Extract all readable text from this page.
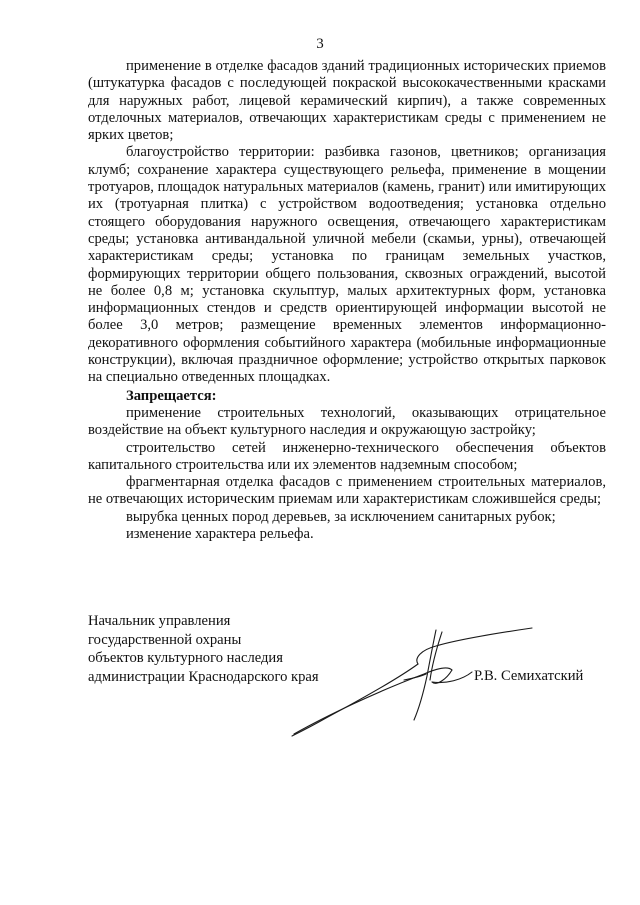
3

применение в отделке фасадов зданий традиционных исторических приемов (штукатурка фасадов с последующей покраской высококачественными красками для наружных работ, лицевой керамический кирпич), а также современных отделочных материалов, отвечающих характеристикам среды с применением не ярких цветов;

благоустройство территории: разбивка газонов, цветников; организация клумб; сохранение характера существующего рельефа, применение в мощении тротуаров, площадок натуральных материалов (камень, гранит) или имитирующих их (тротуарная плитка) с устройством водоотведения; установка отдельно стоящего оборудования наружного освещения, отвечающего характеристикам среды; установка антивандальной уличной мебели (скамьи, урны), отвечающей характеристикам среды; установка по границам земельных участков, формирующих территории общего пользования, сквозных ограждений, высотой не более 0,8 м; установка скульптур, малых архитектурных форм, установка информационных стендов и средств ориентирующей информации высотой не более 3,0 метров; размещение временных элементов информационно-декоративного оформления событийного характера (мобильные информационные конструкции), включая праздничное оформление; устройство открытых парковок на специально отведенных площадках.

Запрещается:

применение строительных технологий, оказывающих отрицательное воздействие на объект культурного наследия и окружающую застройку;

строительство сетей инженерно-технического обеспечения объектов капитального строительства или их элементов надземным способом;

фрагментарная отделка фасадов с применением строительных материалов, не отвечающих историческим приемам или характеристикам сложившейся среды;

вырубка ценных пород деревьев, за исключением санитарных рубок;

изменение характера рельефа.

Начальник управления
государственной охраны
объектов культурного наследия
администрации Краснодарского края	Р.В. Семихатский
